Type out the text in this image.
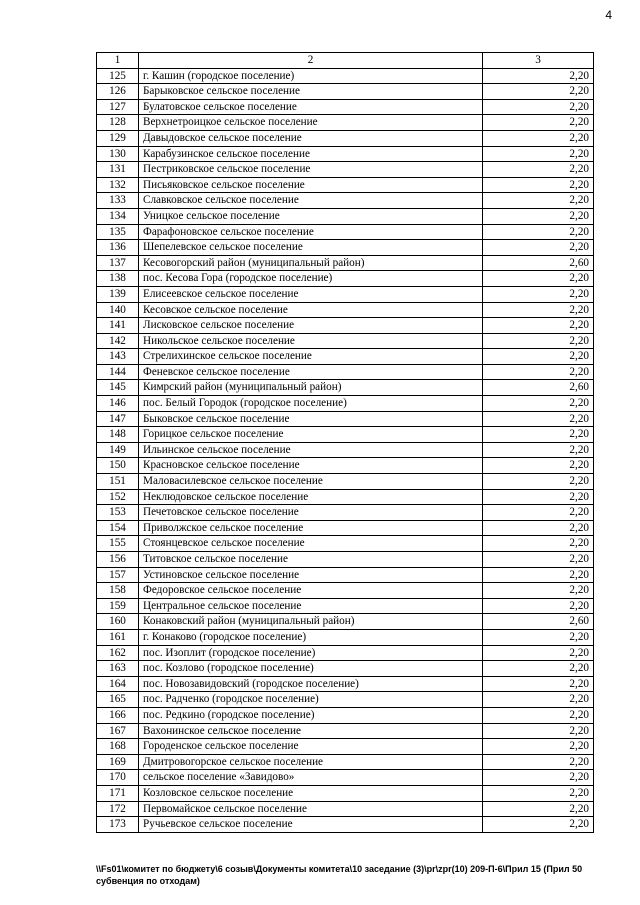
4
1	2	3
125	г. Кашин (городское поселение)	2,20
126	Барыковское сельское поселение	2,20
127	Булатовское сельское поселение	2,20
128	Верхнетроицкое сельское поселение	2,20
129	Давыдовское сельское поселение	2,20
130	Карабузинское сельское поселение	2,20
131	Пестриковское сельское поселение	2,20
132	Письяковское сельское поселение	2,20
133	Славковское сельское поселение	2,20
134	Уницкое сельское поселение	2,20
135	Фарафоновское сельское поселение	2,20
136	Шепелевское сельское поселение	2,20
137	Кесовогорский район (муниципальный район)	2,60
138	пос. Кесова Гора (городское поселение)	2,20
139	Елисеевское сельское поселение	2,20
140	Кесовское сельское поселение	2,20
141	Лисковское сельское поселение	2,20
142	Никольское сельское поселение	2,20
143	Стрелихинское сельское поселение	2,20
144	Феневское сельское поселение	2,20
145	Кимрский район (муниципальный район)	2,60
146	пос. Белый Городок (городское поселение)	2,20
147	Быковское сельское поселение	2,20
148	Горицкое сельское поселение	2,20
149	Ильинское сельское поселение	2,20
150	Красновское сельское поселение	2,20
151	Маловасилевское сельское поселение	2,20
152	Неклюдовское сельское поселение	2,20
153	Печетовское сельское поселение	2,20
154	Приволжское сельское поселение	2,20
155	Стоянцевское сельское поселение	2,20
156	Титовское сельское поселение	2,20
157	Устиновское сельское поселение	2,20
158	Федоровское сельское поселение	2,20
159	Центральное сельское поселение	2,20
160	Конаковский район (муниципальный район)	2,60
161	г. Конаково (городское поселение)	2,20
162	пос. Изоплит (городское поселение)	2,20
163	пос. Козлово (городское поселение)	2,20
164	пос. Новозавидовский (городское поселение)	2,20
165	пос. Радченко (городское поселение)	2,20
166	пос. Редкино (городское поселение)	2,20
167	Вахонинское сельское поселение	2,20
168	Городенское сельское поселение	2,20
169	Дмитровогорское сельское поселение	2,20
170	сельское поселение «Завидово»	2,20
171	Козловское сельское поселение	2,20
172	Первомайское сельское поселение	2,20
173	Ручьевское сельское поселение	2,20
\\Fs01\комитет по бюджету\6 созыв\Документы комитета\10 заседание (3)\pr\zpr(10) 209-П-6\Прил 15 (Прил 50 субвенция по отходам)
